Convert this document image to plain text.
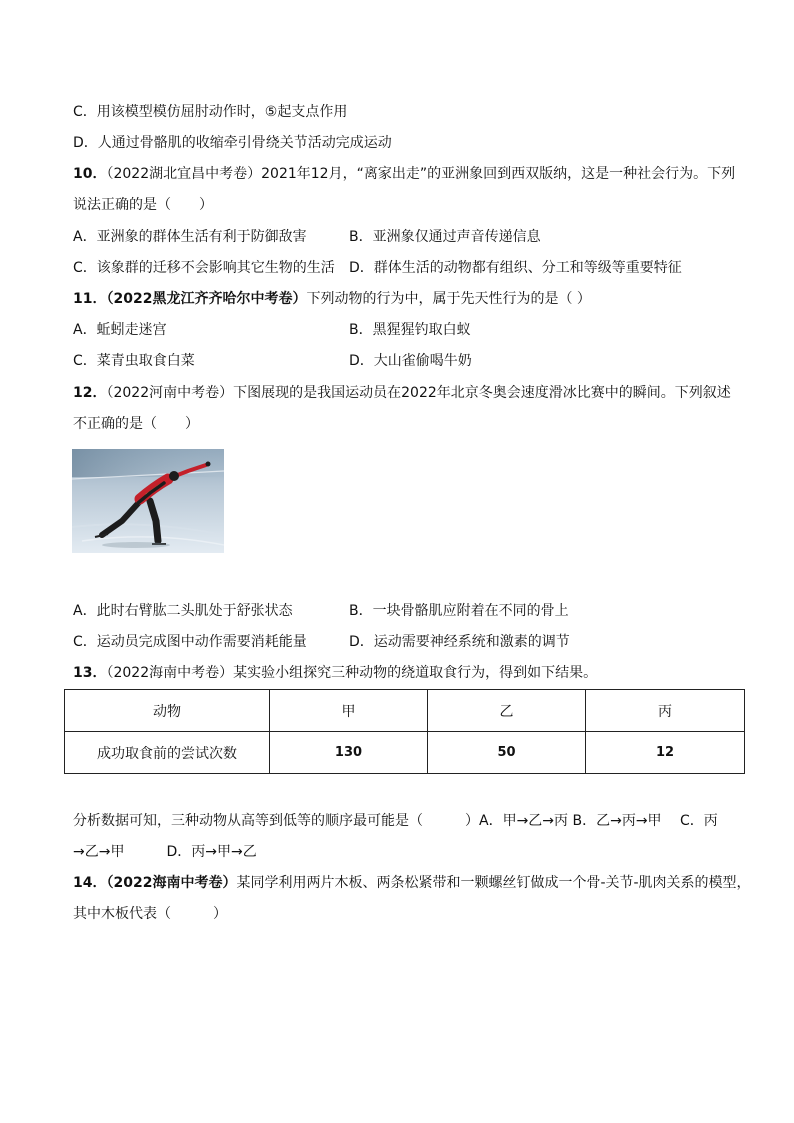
C．用该模型模仿屈肘动作时，⑤起支点作用
D．人通过骨骼肌的收缩牵引骨绕关节活动完成运动
10．（2022湖北宜昌中考卷）2021年12月，“离家出走”的亚洲象回到西双版纳，这是一种社会行为。下列
说法正确的是（　　）
A．亚洲象的群体生活有利于防御敌害	B．亚洲象仅通过声音传递信息
C．该象群的迁移不会影响其它生物的生活 D．群体生活的动物都有组织、分工和等级等重要特征
11．（2022黑龙江齐齐哈尔中考卷）下列动物的行为中，属于先天性行为的是（ ）
A．蚯蚓走迷宫	B．黑猩猩钓取白蚁
C．菜青虫取食白菜	D．大山雀偷喝牛奶
12．（2022河南中考卷）下图展现的是我国运动员在2022年北京冬奥会速度滑冰比赛中的瞬间。下列叙述
不正确的是（　　）
A．此时右臂肱二头肌处于舒张状态	B．一块骨骼肌应附着在不同的骨上
C．运动员完成图中动作需要消耗能量	D．运动需要神经系统和激素的调节
13．（2022海南中考卷）某实验小组探究三种动物的绕道取食行为，得到如下结果。
动物	甲	乙	丙
成功取食前的尝试次数	130	50	12
分析数据可知，三种动物从高等到低等的顺序最可能是（　　　）A．甲→乙→丙 B．乙→丙→甲　 C．丙
→乙→甲　　　D．丙→甲→乙
14．（2022海南中考卷）某同学利用两片木板、两条松紧带和一颗螺丝钉做成一个骨-关节-肌肉关系的模型，
其中木板代表（　　　）
